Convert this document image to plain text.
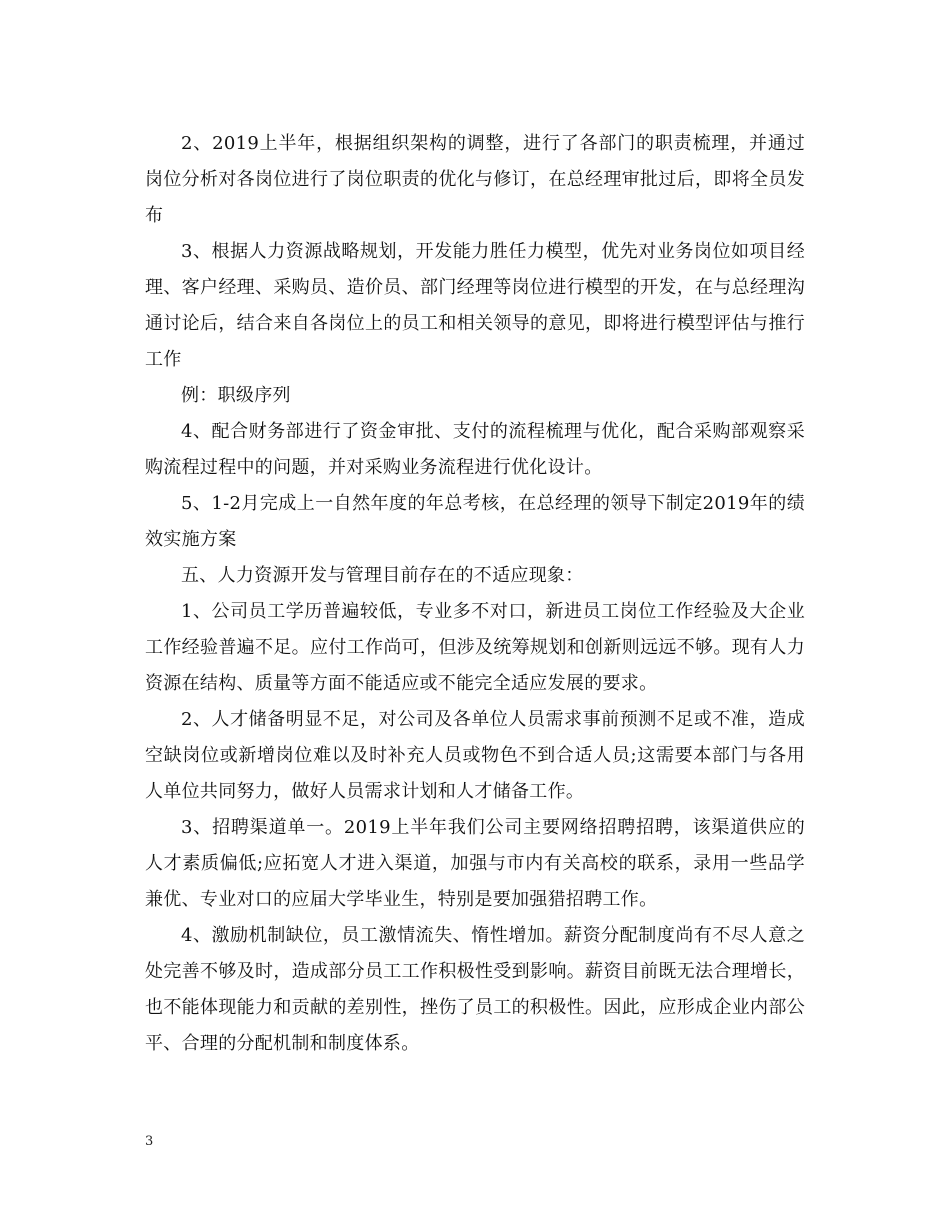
2、2019上半年，根据组织架构的调整，进行了各部门的职责梳理，并通过岗位分析对各岗位进行了岗位职责的优化与修订，在总经理审批过后，即将全员发布

3、根据人力资源战略规划，开发能力胜任力模型，优先对业务岗位如项目经理、客户经理、采购员、造价员、部门经理等岗位进行模型的开发，在与总经理沟通讨论后，结合来自各岗位上的员工和相关领导的意见，即将进行模型评估与推行工作

例：职级序列

4、配合财务部进行了资金审批、支付的流程梳理与优化，配合采购部观察采购流程过程中的问题，并对采购业务流程进行优化设计。

5、1-2月完成上一自然年度的年总考核，在总经理的领导下制定2019年的绩效实施方案

五、人力资源开发与管理目前存在的不适应现象：

1、公司员工学历普遍较低，专业多不对口，新进员工岗位工作经验及大企业工作经验普遍不足。应付工作尚可，但涉及统筹规划和创新则远远不够。现有人力资源在结构、质量等方面不能适应或不能完全适应发展的要求。

2、人才储备明显不足，对公司及各单位人员需求事前预测不足或不准，造成空缺岗位或新增岗位难以及时补充人员或物色不到合适人员;这需要本部门与各用人单位共同努力，做好人员需求计划和人才储备工作。

3、招聘渠道单一。2019上半年我们公司主要网络招聘招聘，该渠道供应的人才素质偏低;应拓宽人才进入渠道，加强与市内有关高校的联系，录用一些品学兼优、专业对口的应届大学毕业生，特别是要加强猎招聘工作。

4、激励机制缺位，员工激情流失、惰性增加。薪资分配制度尚有不尽人意之处完善不够及时，造成部分员工工作积极性受到影响。薪资目前既无法合理增长，也不能体现能力和贡献的差别性，挫伤了员工的积极性。因此，应形成企业内部公平、合理的分配机制和制度体系。

3
